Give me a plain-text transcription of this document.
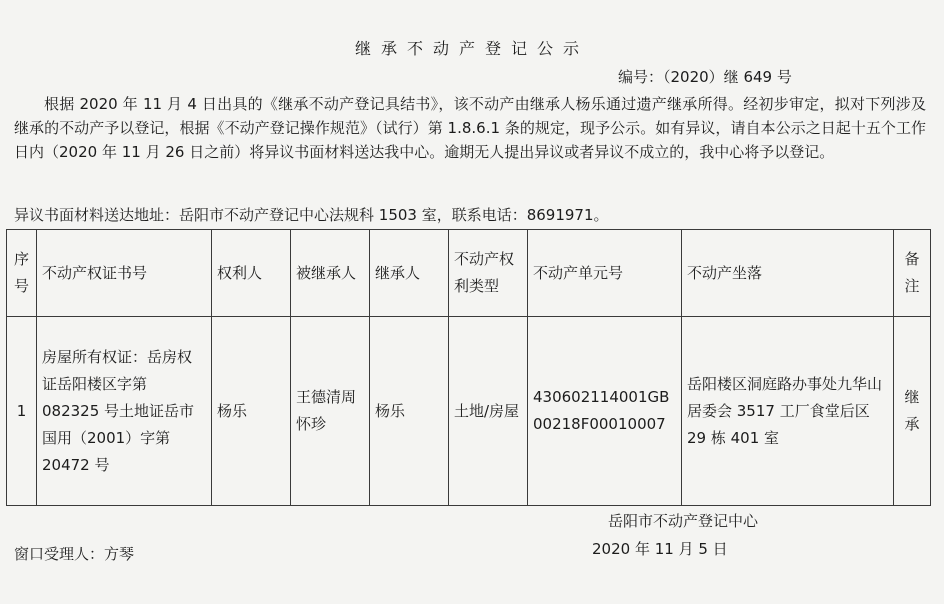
继承不动产登记公示
编号：（2020）继 649 号
根据 2020 年 11 月 4 日出具的《继承不动产登记具结书》，该不动产由继承人杨乐通过遗产继承所得。经初步审定，拟对下列涉及继承的不动产予以登记，根据《不动产登记操作规范》（试行）第 1.8.6.1 条的规定，现予公示。如有异议，请自本公示之日起十五个工作日内（2020 年 11 月 26 日之前）将异议书面材料送达我中心。逾期无人提出异议或者异议不成立的，我中心将予以登记。
异议书面材料送达地址：岳阳市不动产登记中心法规科 1503 室，联系电话：8691971。
序号	不动产权证书号	权利人	被继承人	继承人	不动产权利类型	不动产单元号	不动产坐落	备注
1	房屋所有权证：岳房权证岳阳楼区字第 082325 号土地证岳市国用（2001）字第 20472 号	杨乐	王德清周怀珍	杨乐	土地/房屋	430602114001GB00218F00010007	岳阳楼区洞庭路办事处九华山居委会 3517 工厂食堂后区 29 栋 401 室	继承
岳阳市不动产登记中心
2020 年 11 月 5 日
窗口受理人：方琴
